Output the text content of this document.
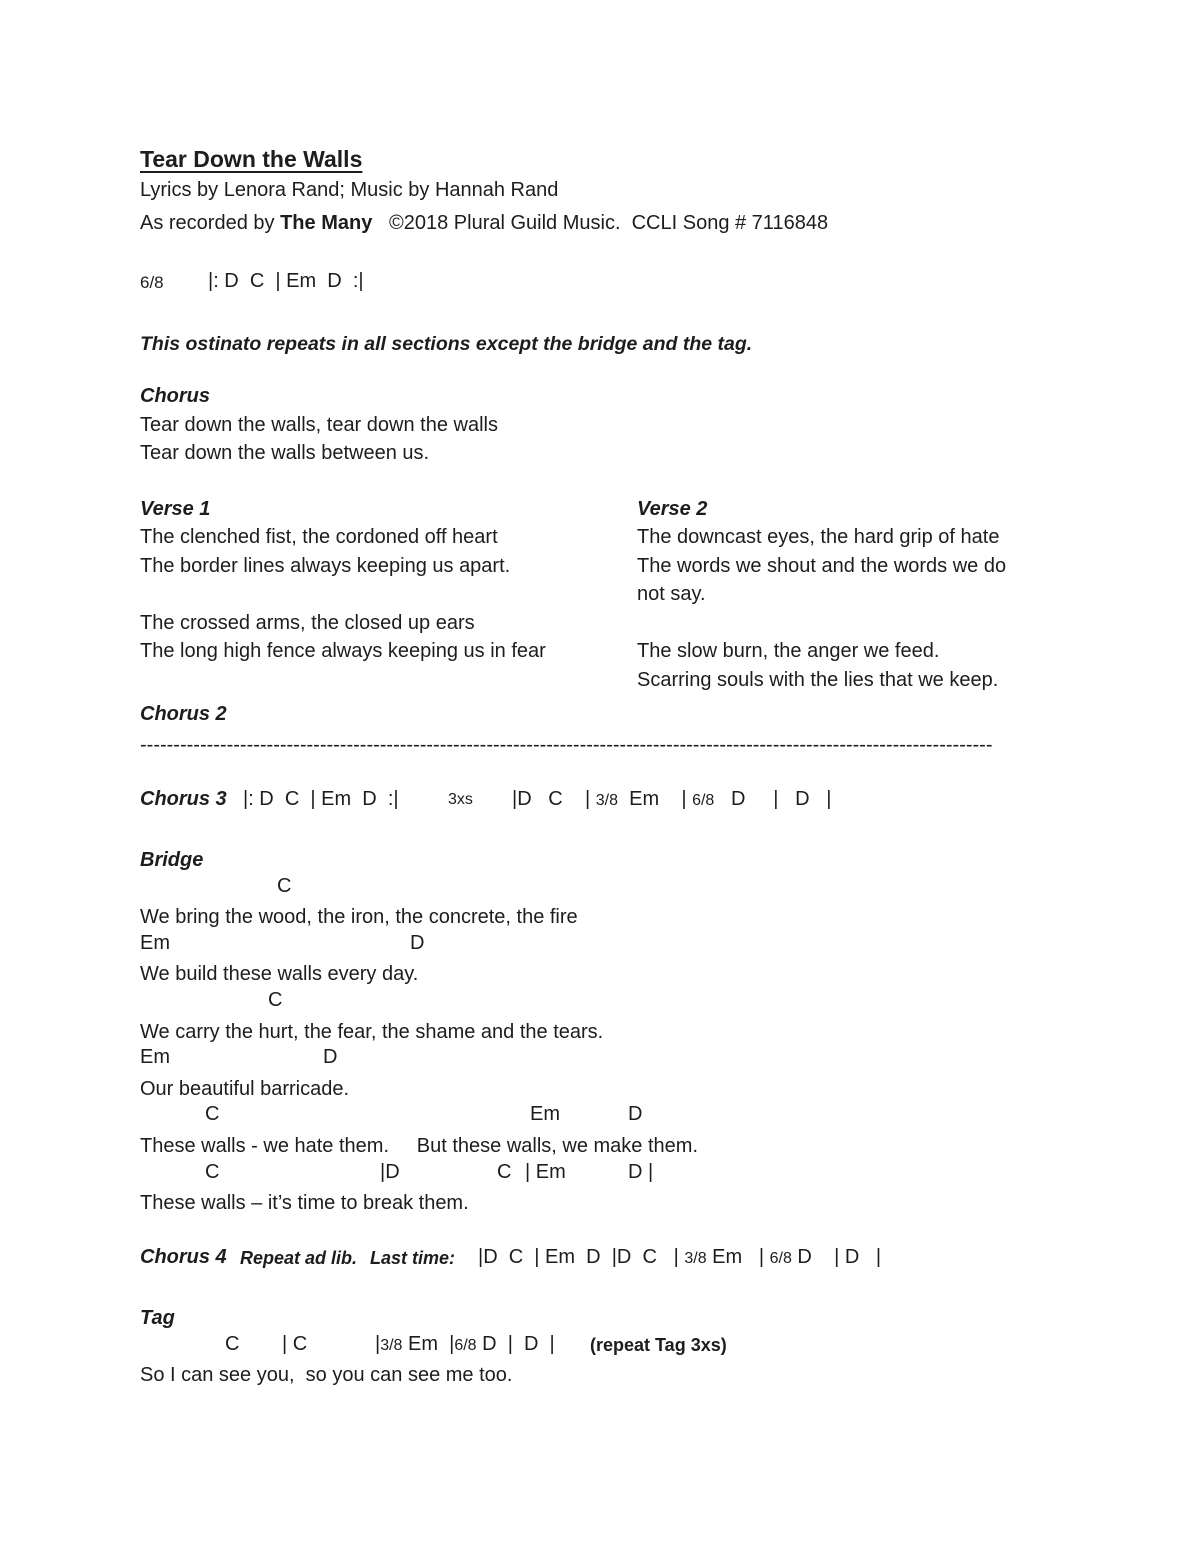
Tear Down the Walls
Lyrics by Lenora Rand; Music by Hannah Rand
As recorded by The Many   ©2018 Plural Guild Music.  CCLI Song # 7116848

6/8

|: D  C  | Em  D  :|

This ostinato repeats in all sections except the bridge and the tag.
Chorus
Tear down the walls, tear down the walls
Tear down the walls between us.
Verse 1
The clenched fist, the cordoned off heart
The border lines always keeping us apart.
The crossed arms, the closed up ears
The long high fence always keeping us in fear
Verse 2
The downcast eyes, the hard grip of hate
The words we shout and the words we do
not say.
The slow burn, the anger we feed.
Scarring souls with the lies that we keep.
Chorus 2
--------------------------------------------------------------------------------------------------------------------------------

Chorus 3

|: D  C  | Em  D  :|

	3xs

|D   C    | 3/8  Em    | 6/8   D     |   D   |

Bridge

C

We bring the wood, the iron, the concrete, the fire

Em

	D

We build these walls every day.

C

We carry the hurt, the fear, the shame and the tears.

Em

	D

Our beautiful barricade.

C

	Em

	D

These walls - we hate them.     But these walls, we make them.

C

	|D

	C

| Em

	D |

These walls – it’s time to break them.

Chorus 4

Repeat ad lib.

Last time:

|D  C  | Em  D  |D  C   | 3/8 Em   | 6/8 D    | D   |

Tag

C

| C

	|3/8 Em  |6/8 D  |  D  |

(repeat Tag 3xs)

So I can see you,  so you can see me too.
